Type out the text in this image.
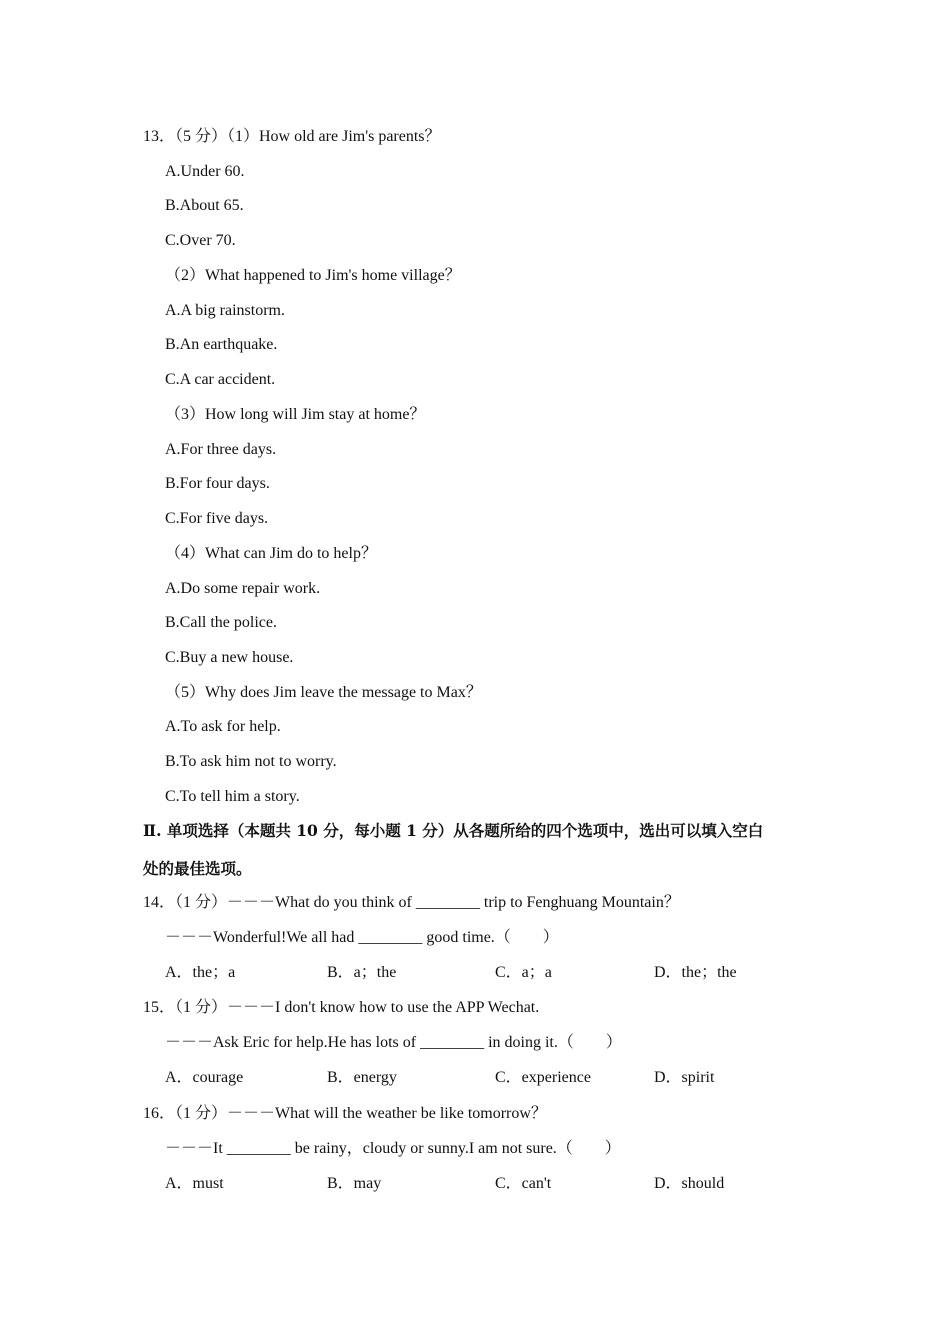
13．（5 分）（1）How old are Jim's parents？
A.Under 60.
B.About 65.
C.Over 70.
（2）What happened to Jim's home village？
A.A big rainstorm.
B.An earthquake.
C.A car accident.
（3）How long will Jim stay at home？
A.For three days.
B.For four days.
C.For five days.
（4）What can Jim do to help？
A.Do some repair work.
B.Call the police.
C.Buy a new house.
（5）Why does Jim leave the message to Max？
A.To ask for help.
B.To ask him not to worry.
C.To tell him a story.
Ⅱ. 单项选择（本题共 10 分，每小题 1 分）从各题所给的四个选项中，选出可以填入空白
处的最佳选项。
14．（1 分）－－－What do you think of ________ trip to Fenghuang Mountain？
－－－Wonderful!We all had ________ good time.（　　）
A．the；a	B．a；the	C．a；a	D．the；the
15．（1 分）－－－I don't know how to use the APP Wechat.
－－－Ask Eric for help.He has lots of ________ in doing it.（　　）
A．courage	B．energy	C．experience	D．spirit
16．（1 分）－－－What will the weather be like tomorrow？
－－－It ________ be rainy，cloudy or sunny.I am not sure.（　　）
A．must	B．may	C．can't	D．should
